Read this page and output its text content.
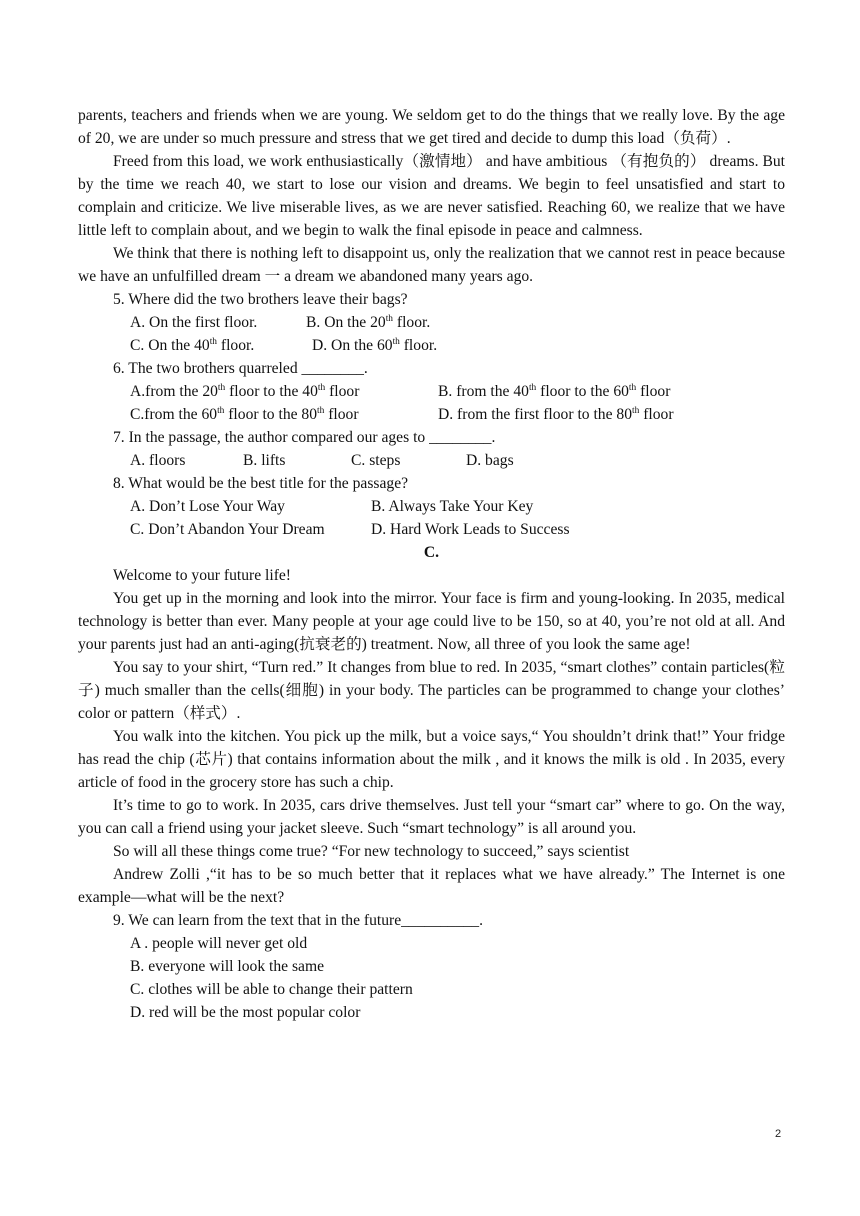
parents, teachers and friends when we are young. We seldom get to do the things that we really love. By the age of 20, we are under so much pressure and stress that we get tired and decide to dump this load（负荷）.

Freed from this load, we work enthusiastically（激情地） and have ambitious （有抱负的） dreams. But by the time we reach 40, we start to lose our vision and dreams. We begin to feel unsatisfied and start to complain and criticize. We live miserable lives, as we are never satisfied. Reaching 60, we realize that we have little left to complain about, and we begin to walk the final episode in peace and calmness.

We think that there is nothing left to disappoint us, only the realization that we cannot rest in peace because we have an unfulfilled dream 一 a dream we abandoned many years ago.

5. Where did the two brothers leave their bags?

A. On the first floor.	B. On the 20th floor.
C. On the 40th floor.	D. On the 60th floor.

6. The two brothers quarreled ________.

A.from the 20th floor to the 40th floor	B. from the 40th floor to the 60th floor
C.from the 60th floor to the 80th floor	D. from the first floor to the 80th floor

7. In the passage, the author compared our ages to ________.

A. floors	B. lifts	C. steps	D. bags

8. What would be the best title for the passage?

A. Don’t Lose Your Way	B. Always Take Your Key
C. Don’t Abandon Your Dream	D. Hard Work Leads to Success

C.

Welcome to your future life!

You get up in the morning and look into the mirror. Your face is firm and young-looking. In 2035, medical technology is better than ever. Many people at your age could live to be 150, so at 40, you’re not old at all. And your parents just had an anti-aging(抗衰老的) treatment. Now, all three of you look the same age!

You say to your shirt, “Turn red.” It changes from blue to red. In 2035, “smart clothes” contain particles(粒子) much smaller than the cells(细胞) in your body. The particles can be programmed to change your clothes’ color or pattern（样式）.

You walk into the kitchen. You pick up the milk, but a voice says,“ You shouldn’t drink that!” Your fridge has read the chip (芯片) that contains information about the milk , and it knows the milk is old . In 2035, every article of food in the grocery store has such a chip.

It’s time to go to work. In 2035, cars drive themselves. Just tell your “smart car” where to go. On the way, you can call a friend using your jacket sleeve. Such “smart technology” is all around you.

So will all these things come true? “For new technology to succeed,” says scientist

Andrew Zolli ,“it has to be so much better that it replaces what we have already.” The Internet is one example—what will be the next?

9. We can learn from the text that in the future__________.

A . people will never get old

B. everyone will look the same

C. clothes will be able to change their pattern

D. red will be the most popular color

2
